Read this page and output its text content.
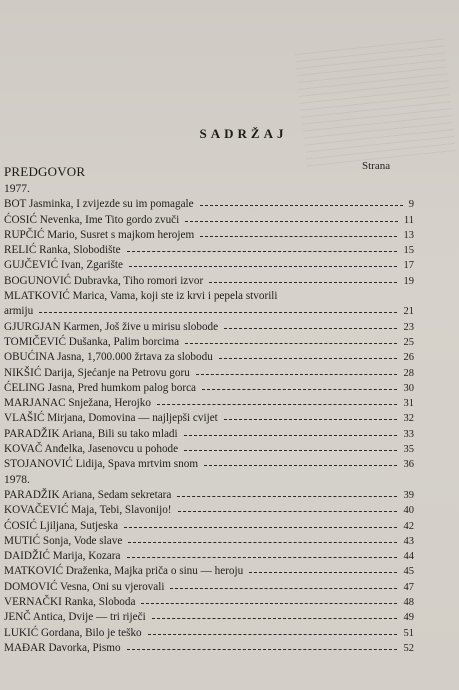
SADRŽAJ
Strana
PREDGOVOR
1977.
BOT Jasminka, I zvijezde su im pomagale	9
ĆOSIĆ Nevenka, Ime Tito gordo zvuči	11
RUPČIĆ Mario, Susret s majkom herojem	13
RELIĆ Ranka, Slobodište	15
GUJČEVIĆ Ivan, Zgarište	17
BOGUNOVIĆ Dubravka, Tiho romori izvor	19
MLATKOVIĆ Marica, Vama, koji ste iz krvi i pepela stvorili
armiju	21
GJURGJAN Karmen, Još žive u mirisu slobode	23
TOMIČEVIĆ Dušanka, Palim borcima	25
OBUĆINA Jasna, 1,700.000 žrtava za slobodu	26
NIKŠIĆ Darija, Sjećanje na Petrovu goru	28
ĆELING Jasna, Pred humkom palog borca	30
MARJANAC Snježana, Herojko	31
VLAŠIĆ Mirjana, Domovina — najljepši cvijet	32
PARADŽIK Ariana, Bili su tako mladi	33
KOVAČ Anđelka, Jasenovcu u pohode	35
STOJANOVIĆ Lidija, Spava mrtvim snom	36
1978.
PARADŽIK Ariana, Sedam sekretara	39
KOVAČEVIĆ Maja, Tebi, Slavonijo!	40
ĆOSIĆ Ljiljana, Sutjeska	42
MUTIĆ Sonja, Vode slave	43
DAIDŽIĆ Marija, Kozara	44
MATKOVIĆ Draženka, Majka priča o sinu — heroju	45
DOMOVIĆ Vesna, Oni su vjerovali	47
VERNAČKI Ranka, Sloboda	48
JENČ Antica, Dvije — tri riječi	49
LUKIĆ Gordana, Bilo je teško	51
MAĐAR Davorka, Pismo	52
